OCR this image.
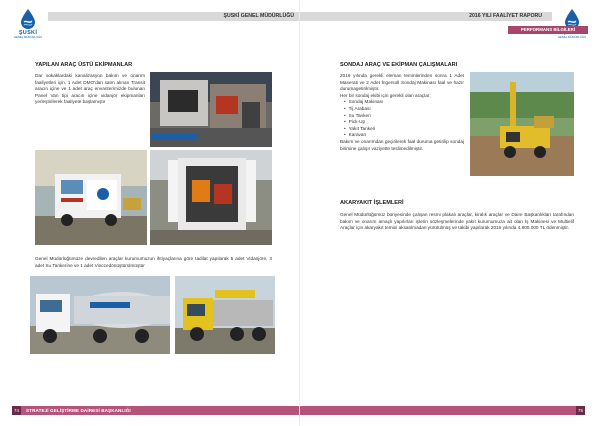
ŞUSKİ
GENEL MÜDÜRLÜĞÜ
ŞUSKİ GENEL MÜDÜRLÜĞÜ
YAPILAN ARAÇ ÜSTÜ EKİPMANLAR
Dar sokaklardaki kanalizasyon bakım ve onarım faaliyetleri için, 1 Adet DMO'dan satın alınan Transit aracın içine ve 1 adet araç envanterimizde bulunan Panel Van tipi aracın içine vidanjör ekipmanları yerleştirilerek faaliyete başlamıştır
Genel Müdürlüğümüze devredilen araçlar kurumumuzun ihtiyaçlarına göre tadilat yapılarak 5 adet Vidanjöre, 3 adet Su Tankerine ve 1 adet Vinccedönüştürülmüştür
74	STRATEJİ GELİŞTİRME DAİRESİ BAŞKANLIĞI
2016 YILI FAALİYET RAPORU
GENEL MÜDÜRLÜĞÜ
PERFORMANS BİLGİLERİ
SONDAJ ARAÇ VE EKİPMAN ÇALIŞMALARI
2016 yılında gerekli eleman teminlerinden sonra 1 Adet Maserati ve 2 Adet İngersoll Sondaj Makinası faal ve hazır durumagetirilmiştir.
Her bir sondaj ekibi için gerekli olan araçlar;
• Sondaj Makinası
• Tij Arabası
• Su Tankeri
• Pick-Up
• Yakıt Tankeri
• Karavan
Bakım ve onarımdan geçirilerek faal duruma getirilip sondaj birimine çalışır vaziyette teslimedilmiştir.
AKARYAKIT İŞLEMLERİ
Genel Müdürlüğümüz bünyesinde çalışan resmi plakalı araçlar, kiralık araçlar ve Daire Başkanlıkları tarafından bakım ve onarım amaçlı yapılırları işlerin sözleşmelerinde yakıt kurumumuza ait olan İş Makinesi ve Multielif Araçlar için akaryakıt temini aksatılmadan yürütülmüş ve takibi yapılarak 2016 yılında 4.800.000 TL ödenmiştir.
75
